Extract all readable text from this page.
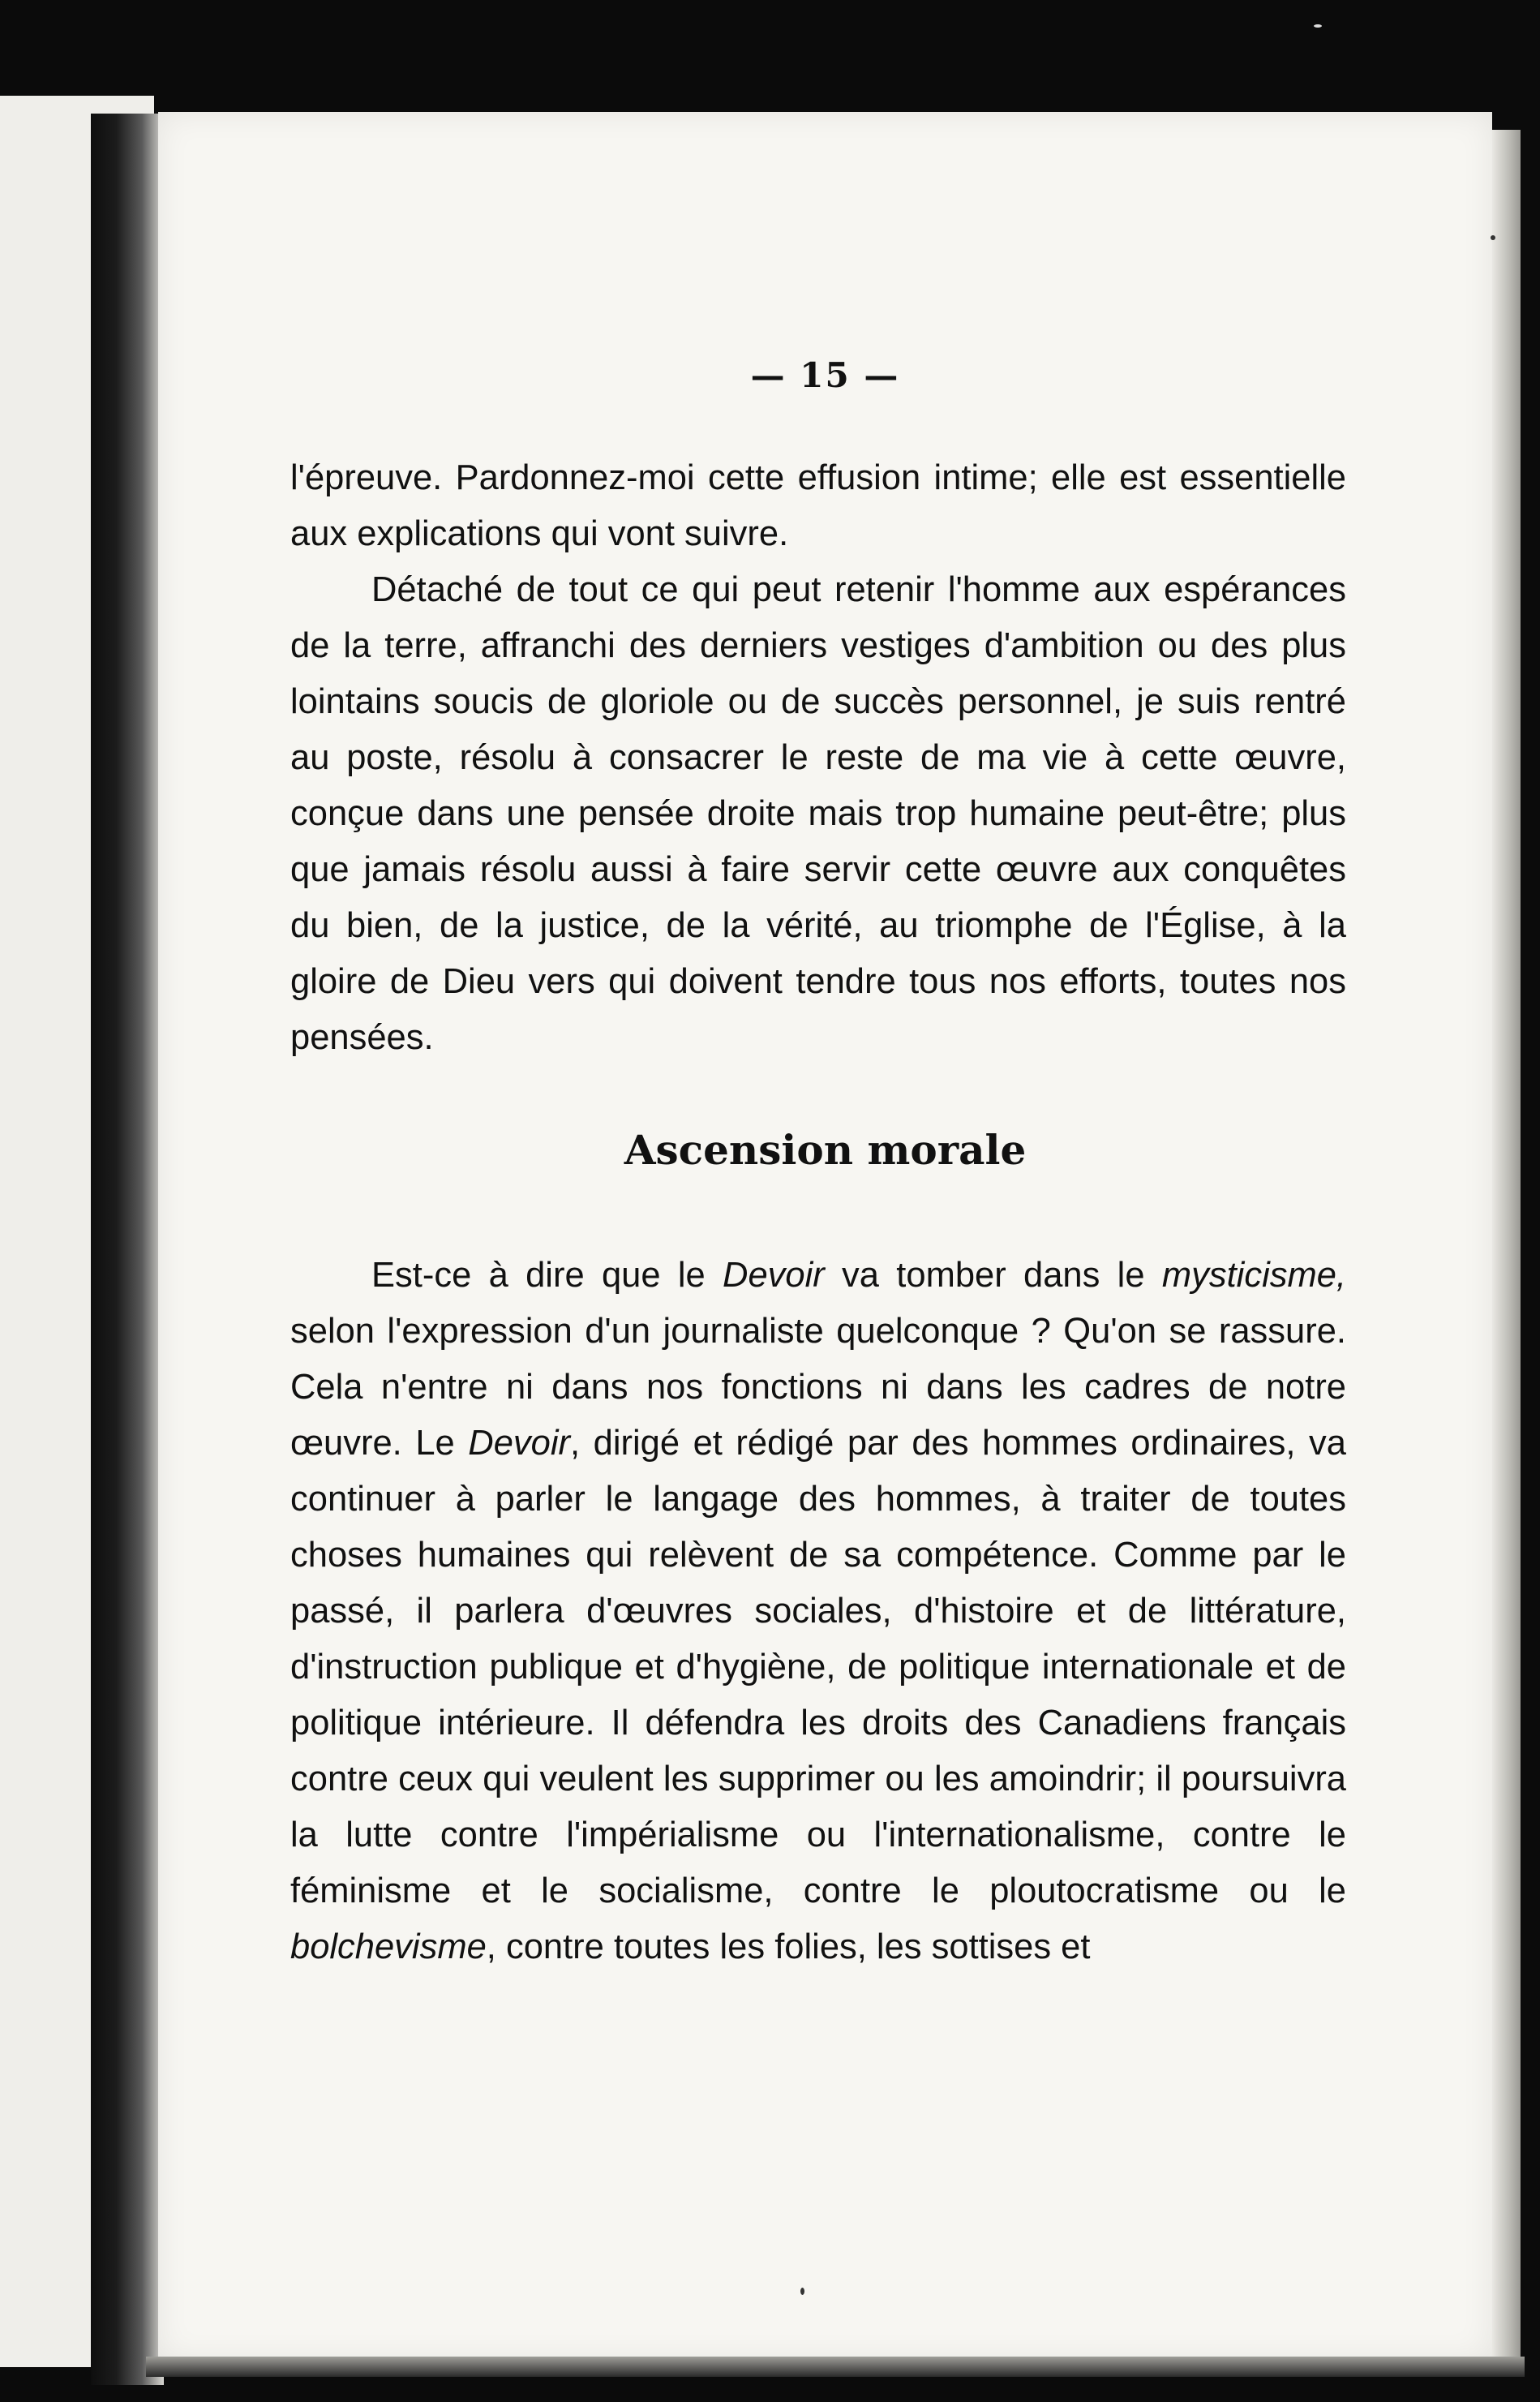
— 15 —

l'épreuve. Pardonnez-moi cette effusion intime; elle est essentielle aux explications qui vont suivre.

Détaché de tout ce qui peut retenir l'homme aux espérances de la terre, affranchi des derniers vestiges d'ambition ou des plus lointains soucis de gloriole ou de succès personnel, je suis rentré au poste, résolu à consacrer le reste de ma vie à cette œuvre, conçue dans une pensée droite mais trop humaine peut-être; plus que jamais résolu aussi à faire servir cette œuvre aux conquêtes du bien, de la justice, de la vérité, au triomphe de l'Église, à la gloire de Dieu vers qui doivent tendre tous nos efforts, toutes nos pensées.

Ascension morale

Est-ce à dire que le Devoir va tomber dans le mysticisme, selon l'expression d'un journaliste quelconque ? Qu'on se rassure. Cela n'entre ni dans nos fonctions ni dans les cadres de notre œuvre. Le Devoir, dirigé et rédigé par des hommes ordinaires, va continuer à parler le langage des hommes, à traiter de toutes choses humaines qui relèvent de sa compétence. Comme par le passé, il parlera d'œuvres sociales, d'histoire et de littérature, d'instruction publique et d'hygiène, de politique internationale et de politique intérieure. Il défendra les droits des Canadiens français contre ceux qui veulent les supprimer ou les amoindrir; il poursuivra la lutte contre l'impérialisme ou l'internationalisme, contre le féminisme et le socialisme, contre le ploutocratisme ou le bolchevisme, contre toutes les folies, les sottises et
